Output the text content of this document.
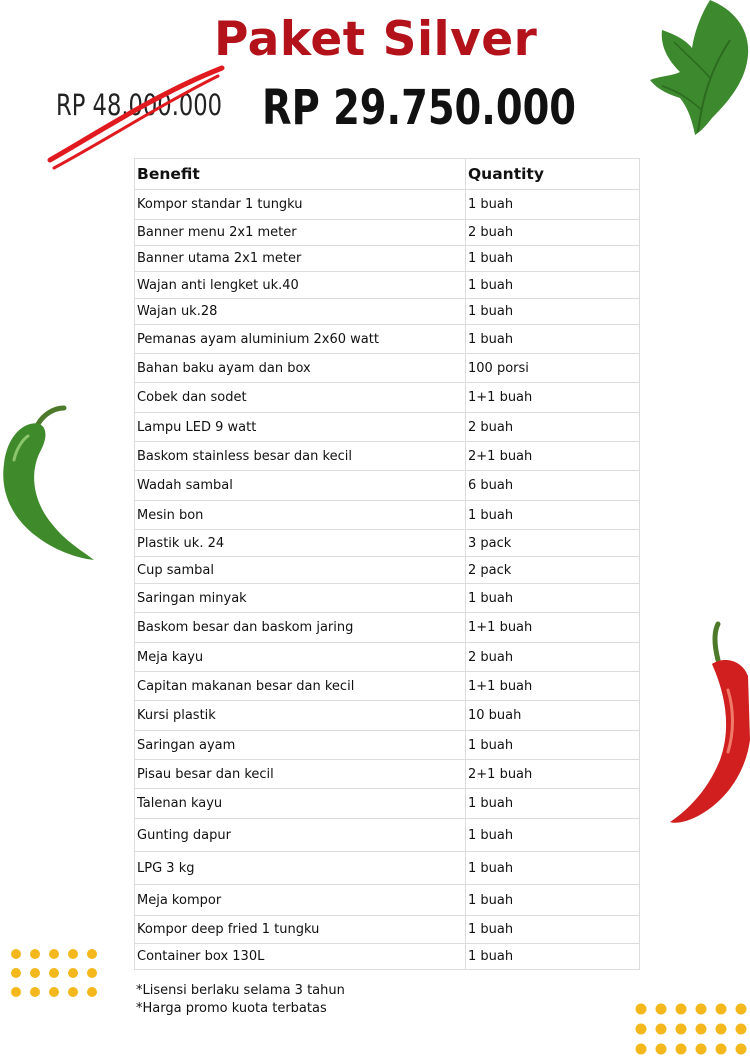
Paket Silver
RP 48.000.000 RP 29.750.000
Benefit	Quantity
Kompor standar 1 tungku	1 buah
Banner menu 2x1 meter	2 buah
Banner utama 2x1 meter	1 buah
Wajan anti lengket uk.40	1 buah
Wajan uk.28	1 buah
Pemanas ayam aluminium 2x60 watt	1 buah
Bahan baku ayam dan box	100 porsi
Cobek dan sodet	1+1 buah
Lampu LED 9 watt	2 buah
Baskom stainless besar dan kecil	2+1 buah
Wadah sambal	6 buah
Mesin bon	1 buah
Plastik uk. 24	3 pack
Cup sambal	2 pack
Saringan minyak	1 buah
Baskom besar dan baskom jaring	1+1 buah
Meja kayu	2 buah
Capitan makanan besar dan kecil	1+1 buah
Kursi plastik	10 buah
Saringan ayam	1 buah
Pisau besar dan kecil	2+1 buah
Talenan kayu	1 buah
Gunting dapur	1 buah
LPG 3 kg	1 buah
Meja kompor	1 buah
Kompor deep fried 1 tungku	1 buah
Container box 130L	1 buah
*Lisensi berlaku selama 3 tahun
*Harga promo kuota terbatas
